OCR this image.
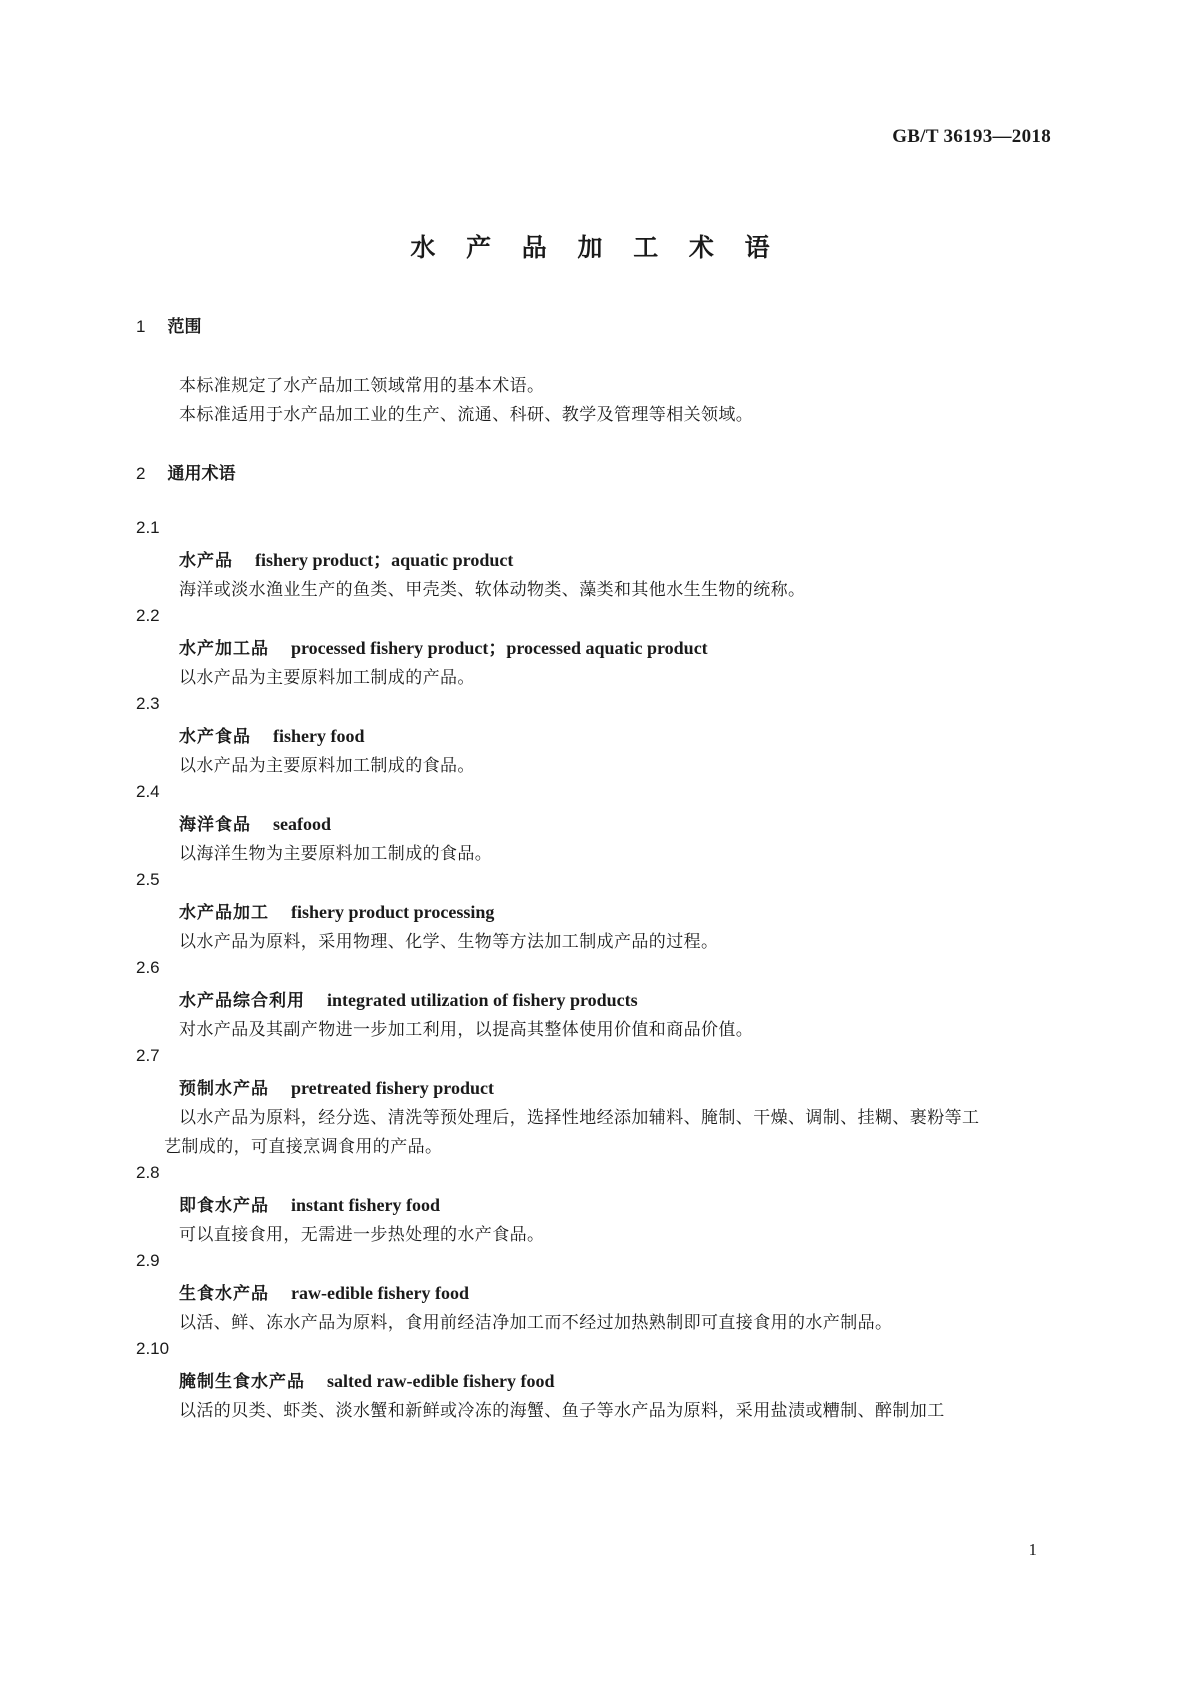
GB/T 36193—2018
水 产 品 加 工 术 语
1 范围
本标准规定了水产品加工领域常用的基本术语。
本标准适用于水产品加工业的生产、流通、科研、教学及管理等相关领域。
2 通用术语
2.1
水产品 fishery product；aquatic product
海洋或淡水渔业生产的鱼类、甲壳类、软体动物类、藻类和其他水生生物的统称。
2.2
水产加工品 processed fishery product；processed aquatic product
以水产品为主要原料加工制成的产品。
2.3
水产食品 fishery food
以水产品为主要原料加工制成的食品。
2.4
海洋食品 seafood
以海洋生物为主要原料加工制成的食品。
2.5
水产品加工 fishery product processing
以水产品为原料，采用物理、化学、生物等方法加工制成产品的过程。
2.6
水产品综合利用 integrated utilization of fishery products
对水产品及其副产物进一步加工利用，以提高其整体使用价值和商品价值。
2.7
预制水产品 pretreated fishery product
以水产品为原料，经分选、清洗等预处理后，选择性地经添加辅料、腌制、干燥、调制、挂糊、裹粉等工
艺制成的，可直接烹调食用的产品。
2.8
即食水产品 instant fishery food
可以直接食用，无需进一步热处理的水产食品。
2.9
生食水产品 raw-edible fishery food
以活、鲜、冻水产品为原料，食用前经洁净加工而不经过加热熟制即可直接食用的水产制品。
2.10
腌制生食水产品 salted raw-edible fishery food
以活的贝类、虾类、淡水蟹和新鲜或冷冻的海蟹、鱼子等水产品为原料，采用盐渍或糟制、醉制加工
1
